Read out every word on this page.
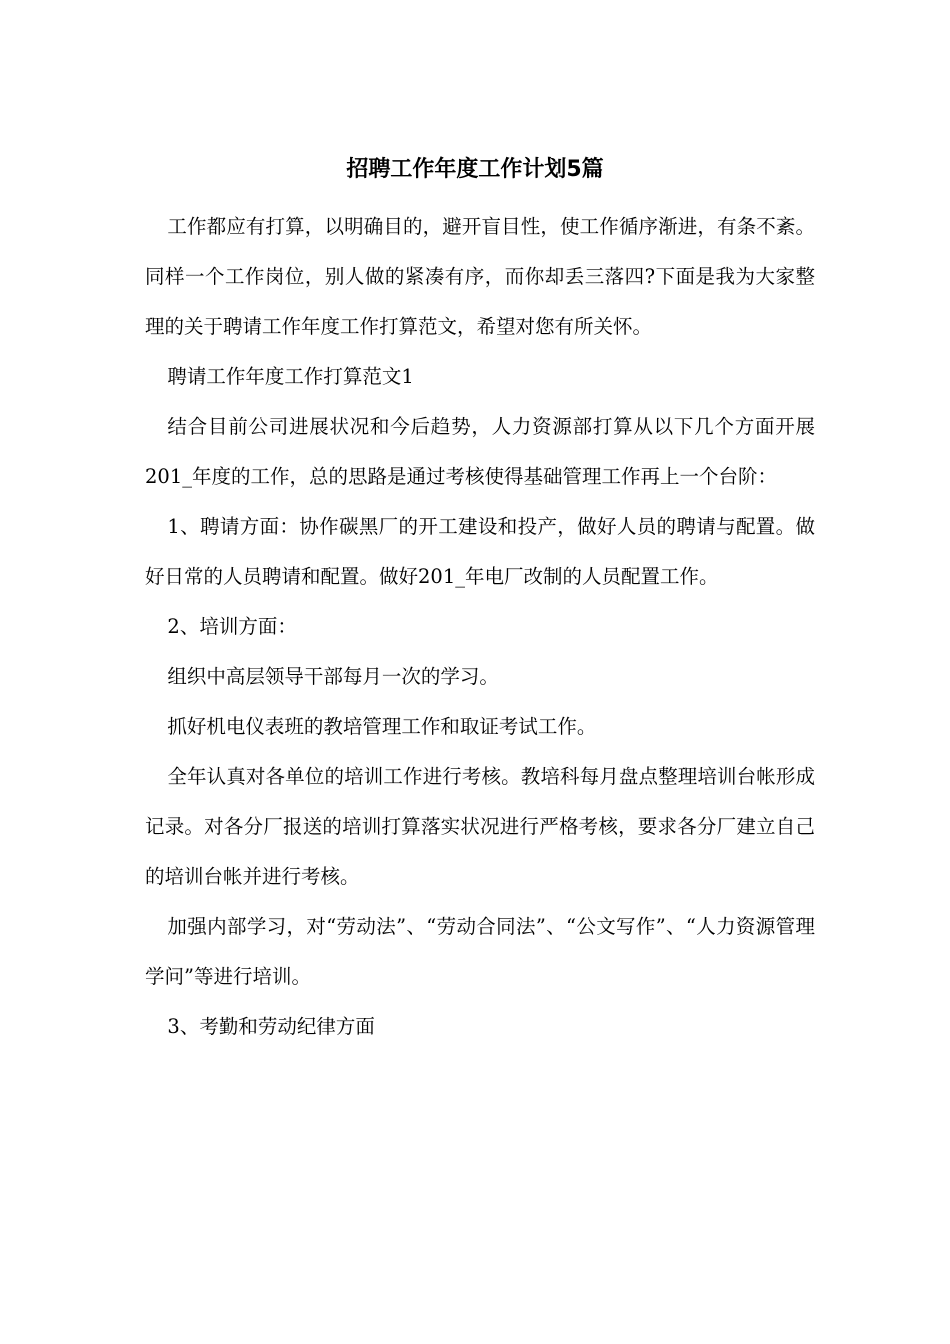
招聘工作年度工作计划5篇

工作都应有打算，以明确目的，避开盲目性，使工作循序渐进，有条不紊。同样一个工作岗位，别人做的紧凑有序，而你却丢三落四?下面是我为大家整理的关于聘请工作年度工作打算范文，希望对您有所关怀。

聘请工作年度工作打算范文1

结合目前公司进展状况和今后趋势，人力资源部打算从以下几个方面开展201_年度的工作，总的思路是通过考核使得基础管理工作再上一个台阶：

1、聘请方面：协作碳黑厂的开工建设和投产，做好人员的聘请与配置。做好日常的人员聘请和配置。做好201_年电厂改制的人员配置工作。

2、培训方面：

组织中高层领导干部每月一次的学习。

抓好机电仪表班的教培管理工作和取证考试工作。

全年认真对各单位的培训工作进行考核。教培科每月盘点整理培训台帐形成记录。对各分厂报送的培训打算落实状况进行严格考核，要求各分厂建立自己的培训台帐并进行考核。

加强内部学习，对“劳动法”、“劳动合同法”、“公文写作”、“人力资源管理学问”等进行培训。

3、考勤和劳动纪律方面
